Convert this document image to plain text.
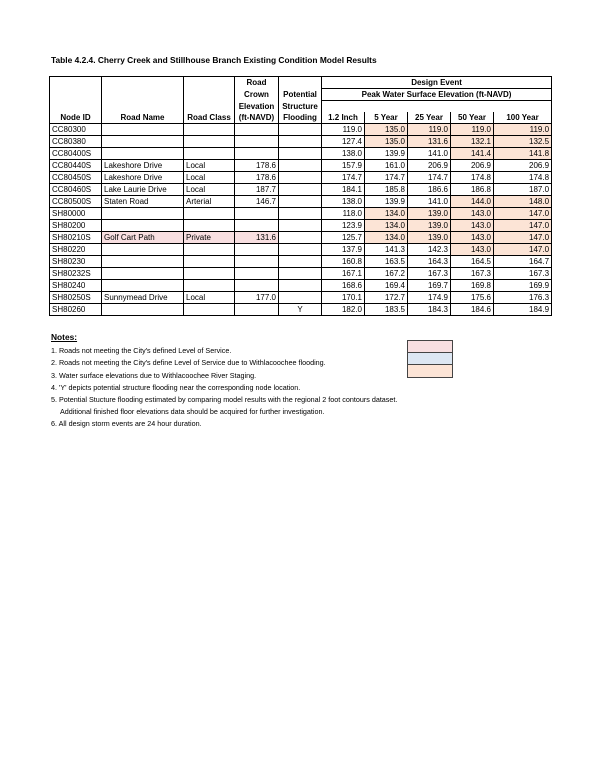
Table 4.2.4. Cherry Creek and Stillhouse Branch Existing Condition Model Results
			Road		Design Event				
			Crown	Potential	Peak Water Surface Elevation (ft-NAVD)				
			Elevation	Structure					
Node ID	Road Name	Road Class	(ft-NAVD)	Flooding	1.2 Inch	5 Year	25 Year	50 Year	100 Year
CC80300					119.0	135.0	119.0	119.0	119.0
CC80380					127.4	135.0	131.6	132.1	132.5
CC80400S					138.0	139.9	141.0	141.4	141.8
CC80440S	Lakeshore Drive	Local	178.6		157.9	161.0	206.9	206.9	206.9
CC80450S	Lakeshore Drive	Local	178.6		174.7	174.7	174.7	174.8	174.8
CC80460S	Lake Laurie Drive	Local	187.7		184.1	185.8	186.6	186.8	187.0
CC80500S	Staten Road	Arterial	146.7		138.0	139.9	141.0	144.0	148.0
SH80000					118.0	134.0	139.0	143.0	147.0
SH80200					123.9	134.0	139.0	143.0	147.0
SH80210S	Golf Cart Path	Private	131.6		125.7	134.0	139.0	143.0	147.0
SH80220					137.9	141.3	142.3	143.0	147.0
SH80230					160.8	163.5	164.3	164.5	164.7
SH80232S					167.1	167.2	167.3	167.3	167.3
SH80240					168.6	169.4	169.7	169.8	169.9
SH80250S	Sunnymead Drive	Local	177.0		170.1	172.7	174.9	175.6	176.3
SH80260				Y	182.0	183.5	184.3	184.6	184.9
Notes:
1. Roads not meeting the City's defined Level of Service.
2. Roads not meeting the City's define Level of Service due to Withlacoochee flooding.
3. Water surface elevations due to Withlacoochee River Staging.
4. 'Y' depicts potential structure flooding near the corresponding node location.
5. Potential Stucture flooding estimated by comparing model results with the regional 2 foot contours dataset.
Additional finished floor elevations data should be acquired for further investigation.
6. All design storm events are 24 hour duration.
